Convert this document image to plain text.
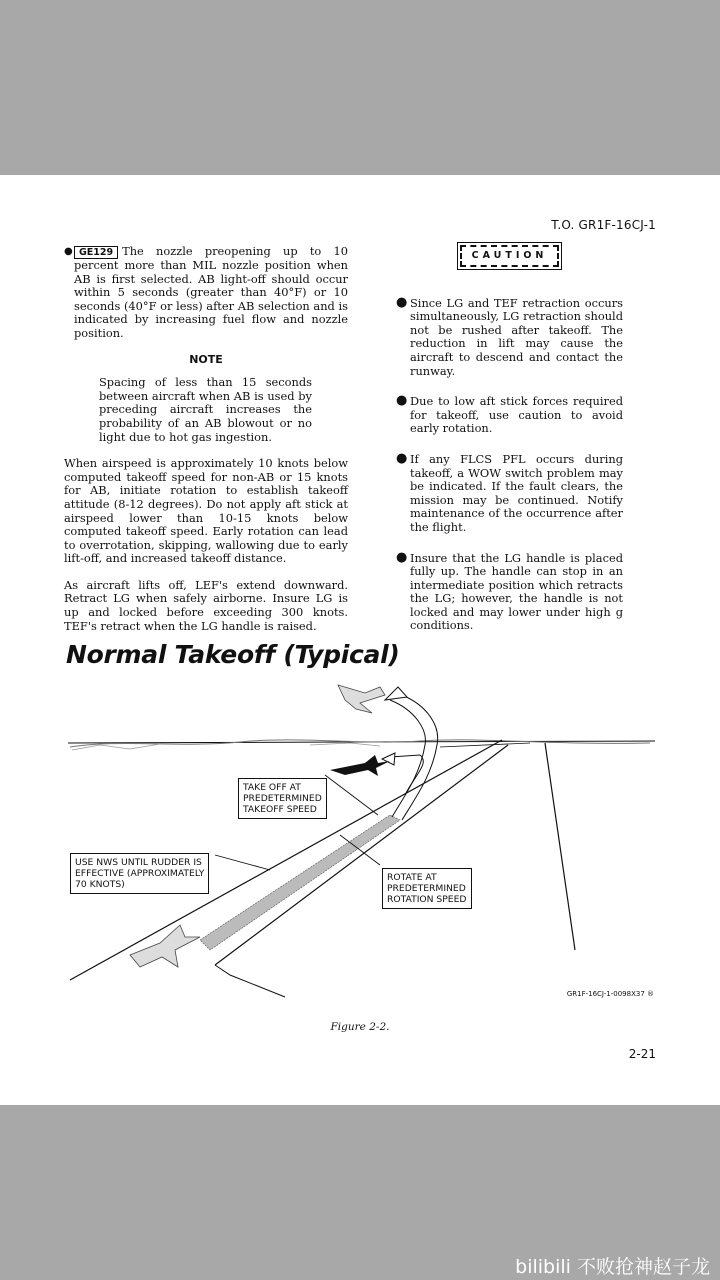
T.O. GR1F-16CJ-1
● GE129 The nozzle preopening up to 10 percent more than MIL nozzle position when AB is first selected. AB light-off should occur within 5 seconds (greater than 40°F) or 10 seconds (40°F or less) after AB selection and is indicated by increasing fuel flow and nozzle position.
NOTE
Spacing of less than 15 seconds between aircraft when AB is used by preceding aircraft increases the probability of an AB blowout or no light due to hot gas ingestion.
When airspeed is approximately 10 knots below computed takeoff speed for non-AB or 15 knots for AB, initiate rotation to establish takeoff attitude (8-12 degrees). Do not apply aft stick at airspeed lower than 10-15 knots below computed takeoff speed. Early rotation can lead to overrotation, skipping, wallowing due to early lift-off, and increased takeoff distance.
As aircraft lifts off, LEF's extend downward. Retract LG when safely airborne. Insure LG is up and locked before exceeding 300 knots. TEF's retract when the LG handle is raised.
CAUTION
● Since LG and TEF retraction occurs simultaneously, LG retraction should not be rushed after takeoff. The reduction in lift may cause the aircraft to descend and contact the runway.
● Due to low aft stick forces required for takeoff, use caution to avoid early rotation.
● If any FLCS PFL occurs during takeoff, a WOW switch problem may be indicated. If the fault clears, the mission may be continued. Notify maintenance of the occurrence after the flight.
● Insure that the LG handle is placed fully up. The handle can stop in an intermediate position which retracts the LG; however, the handle is not locked and may lower under high g conditions.
Normal Takeoff (Typical)
TAKE OFF AT
PREDETERMINED
TAKEOFF SPEED
USE NWS UNTIL RUDDER IS
EFFECTIVE (APPROXIMATELY
70 KNOTS)
ROTATE AT
PREDETERMINED
ROTATION SPEED
GR1F-16CJ-1-0098X37 ®
Figure 2-2.
2-21
bilibili 不败抢神赵子龙
